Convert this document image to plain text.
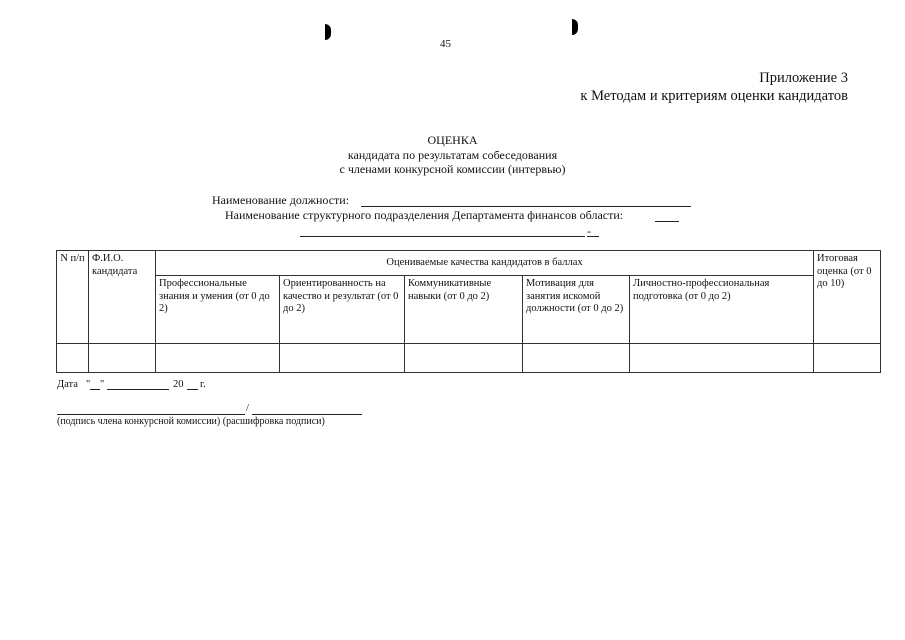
45
Приложение 3
к Методам и критериям оценки кандидатов
ОЦЕНКА
кандидата по результатам собеседования
с членами конкурсной комиссии (интервью)
Наименование должности:
Наименование структурного подразделения Департамента финансов области:
-
N п/п	Ф.И.О. кандидата	Оцениваемые качества кандидатов в баллах					Итоговая оценка (от 0 до 10)
		Профессиональные знания и умения (от 0 до 2)	Ориентированность на качество и результат (от 0 до 2)	Коммуникативные навыки (от 0 до 2)	Мотивация для занятия искомой должности (от 0 до 2)	Личностно-профессиональная подготовка (от 0 до 2)	

Дата " "	20 г.
/
(подпись члена конкурсной комиссии) (расшифровка подписи)
